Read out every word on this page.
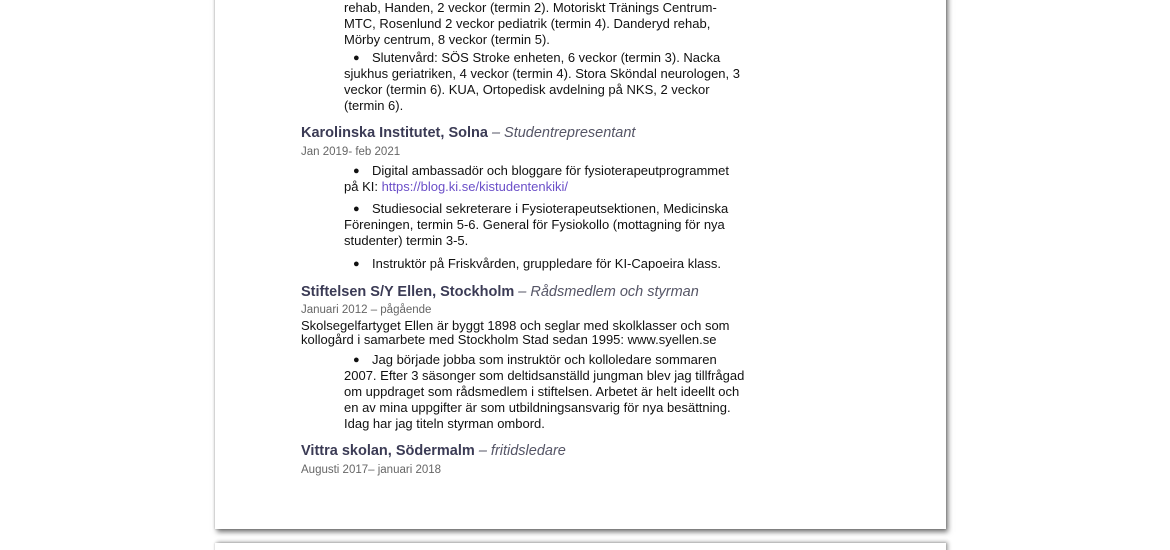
rehab, Handen, 2 veckor (termin 2). Motoriskt Tränings Centrum-
MTC, Rosenlund 2 veckor pediatrik (termin 4). Danderyd rehab,
Mörby centrum, 8 veckor (termin 5).
● Slutenvård: SÖS Stroke enheten, 6 veckor (termin 3). Nacka
sjukhus geriatriken, 4 veckor (termin 4). Stora Sköndal neurologen, 3
veckor (termin 6). KUA, Ortopedisk avdelning på NKS, 2 veckor
(termin 6).
Karolinska Institutet, Solna – Studentrepresentant
Jan 2019- feb 2021
● Digital ambassadör och bloggare för fysioterapeutprogrammet
på KI: https://blog.ki.se/kistudentenkiki/
● Studiesocial sekreterare i Fysioterapeutsektionen, Medicinska
Föreningen, termin 5-6. General för Fysiokollo (mottagning för nya
studenter) termin 3-5.
● Instruktör på Friskvården, gruppledare för KI-Capoeira klass.
Stiftelsen S/Y Ellen, Stockholm – Rådsmedlem och styrman
Januari 2012 – pågående
Skolsegelfartyget Ellen är byggt 1898 och seglar med skolklasser och som
kollogård i samarbete med Stockholm Stad sedan 1995: www.syellen.se
● Jag började jobba som instruktör och kolloledare sommaren
2007. Efter 3 säsonger som deltidsanställd jungman blev jag tillfrågad
om uppdraget som rådsmedlem i stiftelsen. Arbetet är helt ideellt och
en av mina uppgifter är som utbildningsansvarig för nya besättning.
Idag har jag titeln styrman ombord.
Vittra skolan, Södermalm – fritidsledare
Augusti 2017– januari 2018
